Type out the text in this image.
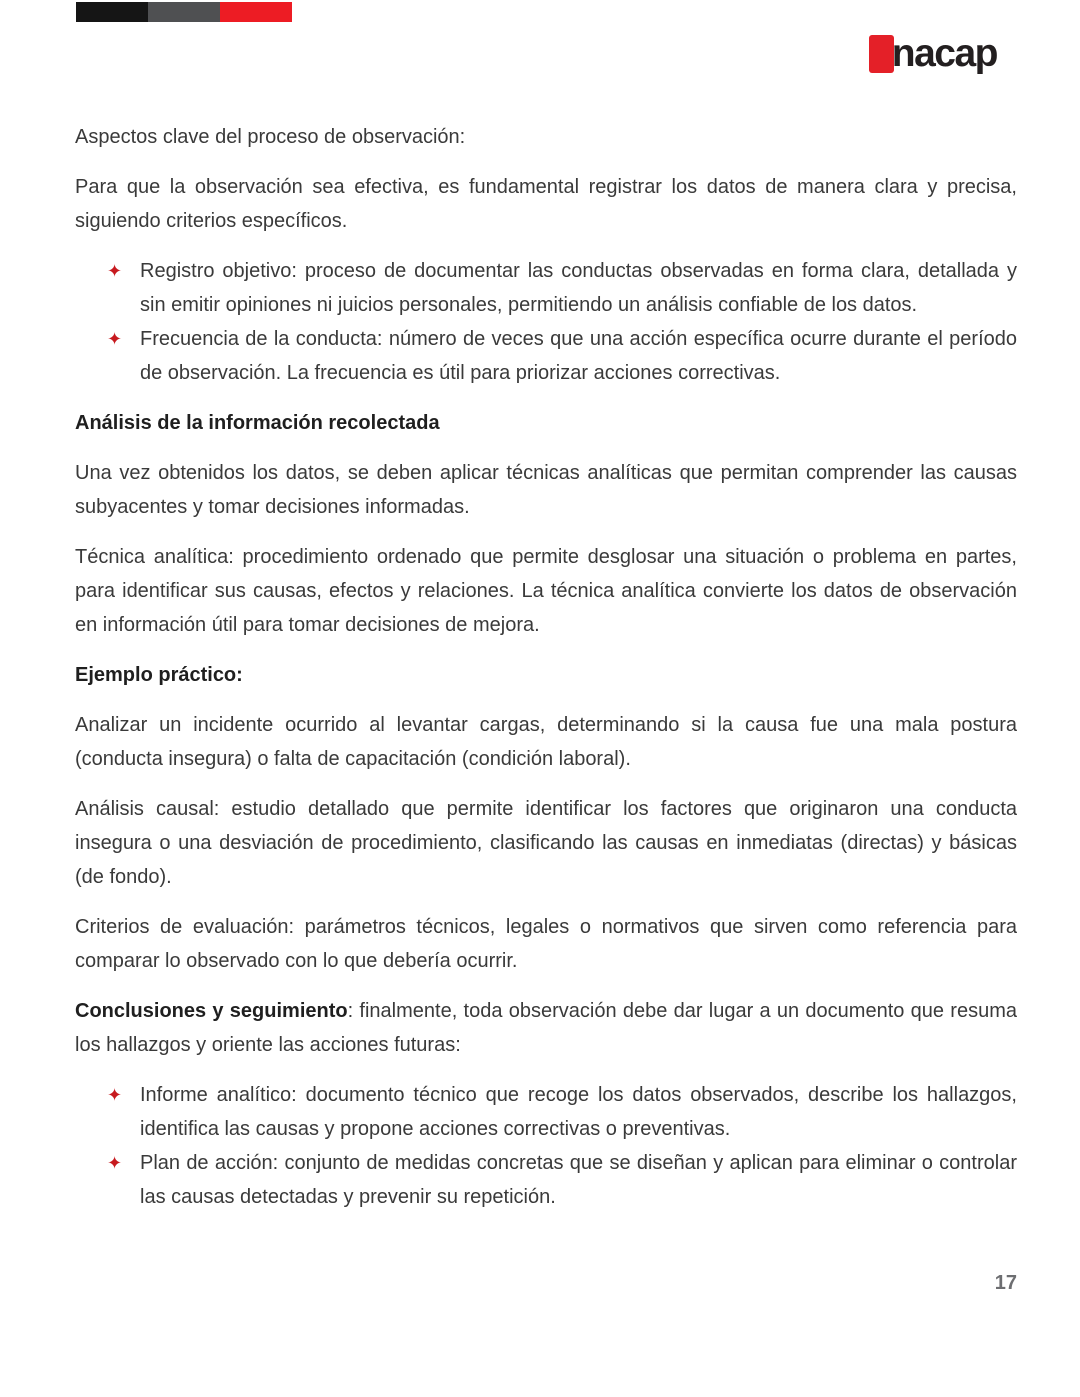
nacap

Aspectos clave del proceso de observación:

Para que la observación sea efectiva, es fundamental registrar los datos de manera clara y precisa, siguiendo criterios específicos.

✦ Registro objetivo: proceso de documentar las conductas observadas en forma clara, detallada y sin emitir opiniones ni juicios personales, permitiendo un análisis confiable de los datos.
✦ Frecuencia de la conducta: número de veces que una acción específica ocurre durante el período de observación. La frecuencia es útil para priorizar acciones correctivas.
Análisis de la información recolectada

Una vez obtenidos los datos, se deben aplicar técnicas analíticas que permitan comprender las causas subyacentes y tomar decisiones informadas.

Técnica analítica: procedimiento ordenado que permite desglosar una situación o problema en partes, para identificar sus causas, efectos y relaciones. La técnica analítica convierte los datos de observación en información útil para tomar decisiones de mejora.

Ejemplo práctico:

Analizar un incidente ocurrido al levantar cargas, determinando si la causa fue una mala postura (conducta insegura) o falta de capacitación (condición laboral).

Análisis causal: estudio detallado que permite identificar los factores que originaron una conducta insegura o una desviación de procedimiento, clasificando las causas en inmediatas (directas) y básicas (de fondo).

Criterios de evaluación: parámetros técnicos, legales o normativos que sirven como referencia para comparar lo observado con lo que debería ocurrir.

Conclusiones y seguimiento: finalmente, toda observación debe dar lugar a un documento que resuma los hallazgos y oriente las acciones futuras:

✦ Informe analítico: documento técnico que recoge los datos observados, describe los hallazgos, identifica las causas y propone acciones correctivas o preventivas.
✦ Plan de acción: conjunto de medidas concretas que se diseñan y aplican para eliminar o controlar las causas detectadas y prevenir su repetición.
17
